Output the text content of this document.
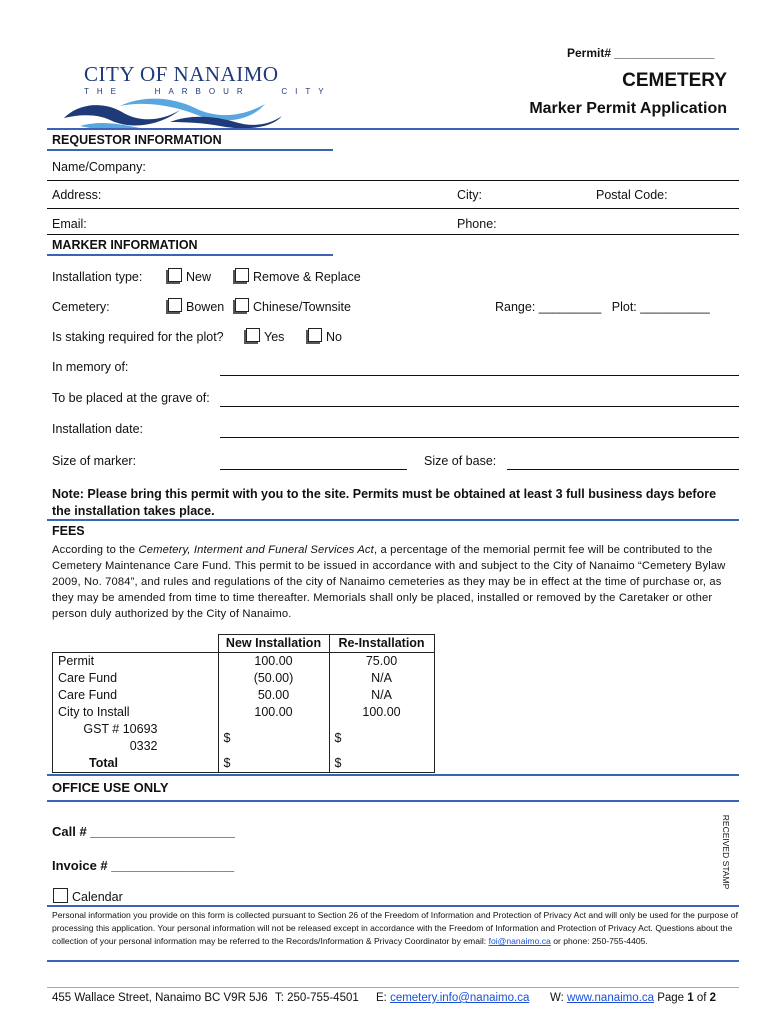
Permit# _______________
CITY OF NANAIMO
THE   HARBOUR   CITY
CEMETERY
Marker Permit Application
REQUESTOR INFORMATION
Name/Company:
Address:	City:	Postal Code:
Email:	Phone:
MARKER INFORMATION
Installation type:	New	Remove & Replace
Cemetery:	Bowen Chinese/Townsite	Range: _________   Plot: __________
Is staking required for the plot?	Yes	No
In memory of:
To be placed at the grave of:
Installation date:
Size of marker:	Size of base:
Note: Please bring this permit with you to the site. Permits must be obtained at least 3 full business days before the installation takes place.
FEES
According to the Cemetery, Interment and Funeral Services Act, a percentage of the memorial permit fee will be contributed to the Cemetery Maintenance Care Fund. This permit to be issued in accordance with and subject to the City of Nanaimo “Cemetery Bylaw 2009, No. 7084”, and rules and regulations of the city of Nanaimo cemeteries as they may be in effect at the time of purchase or, as they may be amended from time to time thereafter. Memorials shall only be placed, installed or removed by the Caretaker or other person duly authorized by the City of Nanaimo.
	New Installation	Re-Installation
Permit	100.00	75.00
Care Fund	(50.00)	N/A
Care Fund	50.00	N/A
City to Install	100.00	100.00
GST # 10693 0332	$	$
Total	$	$
OFFICE USE ONLY
Call # ____________________
Invoice # _________________
Calendar
RECEIVED STAMP
Personal information you provide on this form is collected pursuant to Section 26 of the Freedom of Information and Protection of Privacy Act and will only be used for the purpose of processing this application. Your personal information will not be released except in accordance with the Freedom of Information and Protection of Privacy Act. Questions about the collection of your personal information may be referred to the Records/Information & Privacy Coordinator by email: foi@nanaimo.ca or phone: 250-755-4405.
455 Wallace Street, Nanaimo BC V9R 5J6 T: 250-755-4501 E: cemetery.info@nanaimo.ca W: www.nanaimo.ca Page 1 of 2
